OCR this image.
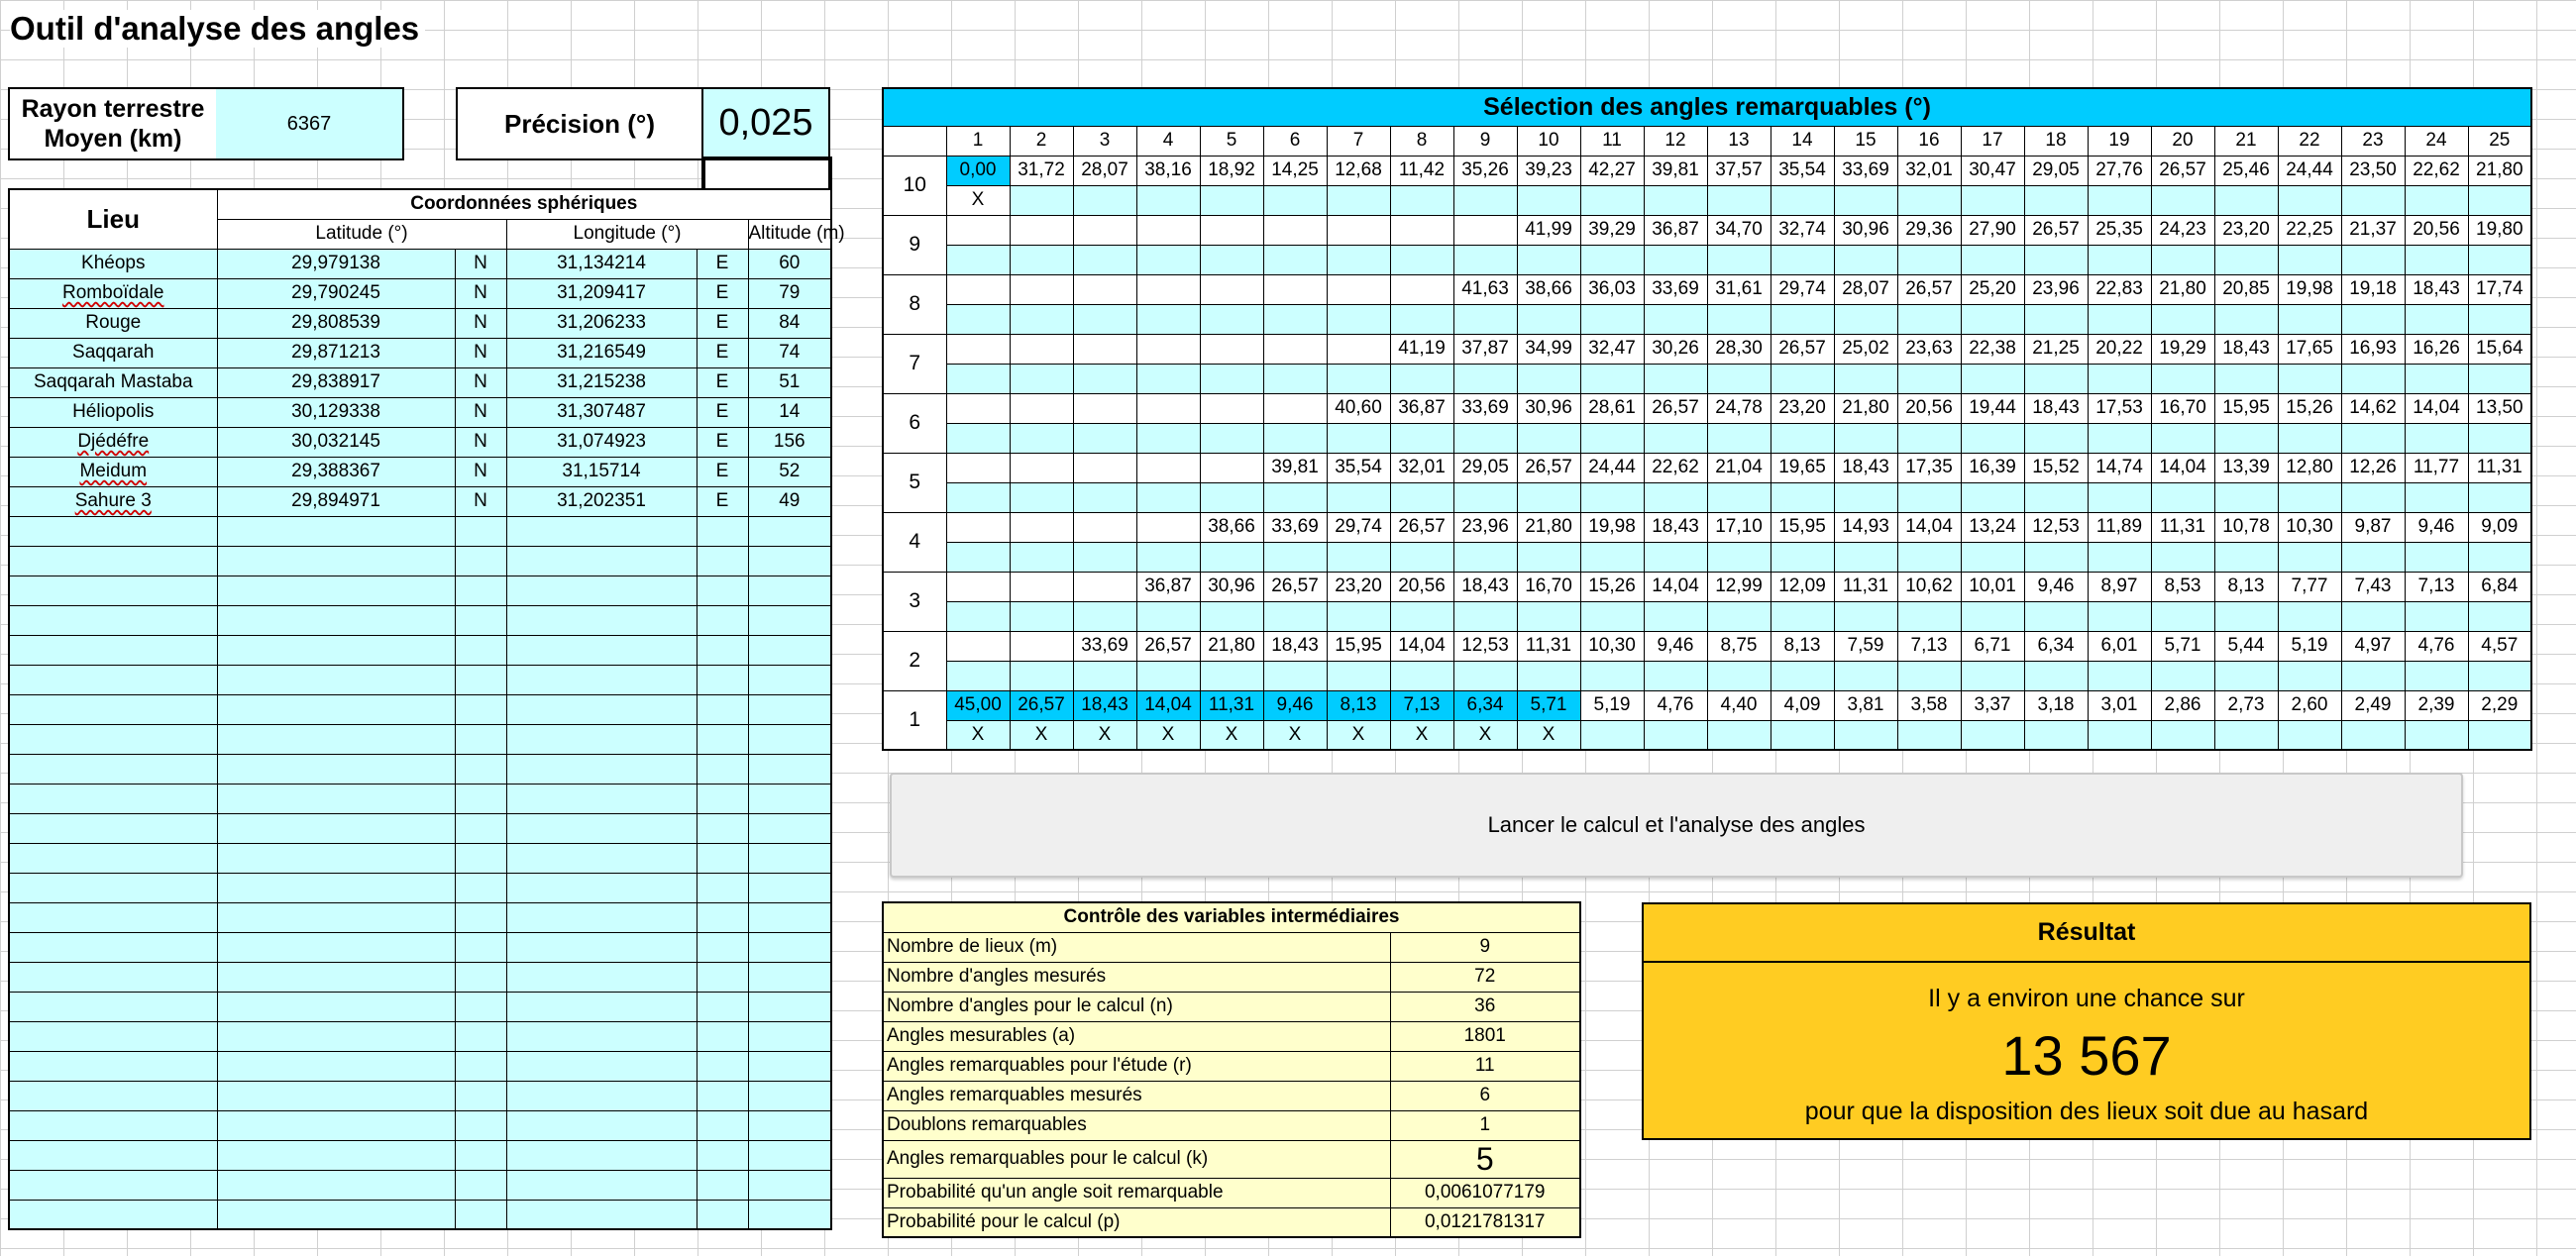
Outil d'analyse des angles
Rayon terrestre Moyen (km)
6367	Précision (°)	0,025
Lieu	Coordonnées sphériques				
	Latitude (°)		Longitude (°)		Altitude (m)
Khéops	29,979138	N	31,134214	E	60
Romboïdale	29,790245	N	31,209417	E	79
Rouge	29,808539	N	31,206233	E	84
Saqqarah	29,871213	N	31,216549	E	74
Saqqarah Mastaba	29,838917	N	31,215238	E	51
Héliopolis	30,129338	N	31,307487	E	14
Djédéfre	30,032145	N	31,074923	E	156
Meidum	29,388367	N	31,15714	E	52
Sahure 3	29,894971	N	31,202351	E	49

Sélection des angles remarquables (°)																									
	1	2	3	4	5	6	7	8	9	10	11	12	13	14	15	16	17	18	19	20	21	22	23	24	25
10	0,00	31,72	28,07	38,16	18,92	14,25	12,68	11,42	35,26	39,23	42,27	39,81	37,57	35,54	33,69	32,01	30,47	29,05	27,76	26,57	25,46	24,44	23,50	22,62	21,80
	X																								
9										41,99	39,29	36,87	34,70	32,74	30,96	29,36	27,90	26,57	25,35	24,23	23,20	22,25	21,37	20,56	19,80

8									41,63	38,66	36,03	33,69	31,61	29,74	28,07	26,57	25,20	23,96	22,83	21,80	20,85	19,98	19,18	18,43	17,74

7								41,19	37,87	34,99	32,47	30,26	28,30	26,57	25,02	23,63	22,38	21,25	20,22	19,29	18,43	17,65	16,93	16,26	15,64

6							40,60	36,87	33,69	30,96	28,61	26,57	24,78	23,20	21,80	20,56	19,44	18,43	17,53	16,70	15,95	15,26	14,62	14,04	13,50

5						39,81	35,54	32,01	29,05	26,57	24,44	22,62	21,04	19,65	18,43	17,35	16,39	15,52	14,74	14,04	13,39	12,80	12,26	11,77	11,31

4					38,66	33,69	29,74	26,57	23,96	21,80	19,98	18,43	17,10	15,95	14,93	14,04	13,24	12,53	11,89	11,31	10,78	10,30	9,87	9,46	9,09

3				36,87	30,96	26,57	23,20	20,56	18,43	16,70	15,26	14,04	12,99	12,09	11,31	10,62	10,01	9,46	8,97	8,53	8,13	7,77	7,43	7,13	6,84

2			33,69	26,57	21,80	18,43	15,95	14,04	12,53	11,31	10,30	9,46	8,75	8,13	7,59	7,13	6,71	6,34	6,01	5,71	5,44	5,19	4,97	4,76	4,57

1	45,00	26,57	18,43	14,04	11,31	9,46	8,13	7,13	6,34	5,71	5,19	4,76	4,40	4,09	3,81	3,58	3,37	3,18	3,01	2,86	2,73	2,60	2,49	2,39	2,29
	X	X	X	X	X	X	X	X	X	X															
Lancer le calcul et l'analyse des angles
Contrôle des variables intermédiaires	
Nombre de lieux (m)	9
Nombre d'angles mesurés	72
Nombre d'angles pour le calcul (n)	36
Angles mesurables (a)	1801
Angles remarquables pour l'étude (r)	11
Angles remarquables mesurés	6
Doublons remarquables	1
Angles remarquables pour le calcul (k)	5
Probabilité qu'un angle soit remarquable	0,0061077179
Probabilité pour le calcul (p)	0,0121781317
Résultat
Il y a environ une chance sur
13 567
pour que la disposition des lieux soit due au hasard
